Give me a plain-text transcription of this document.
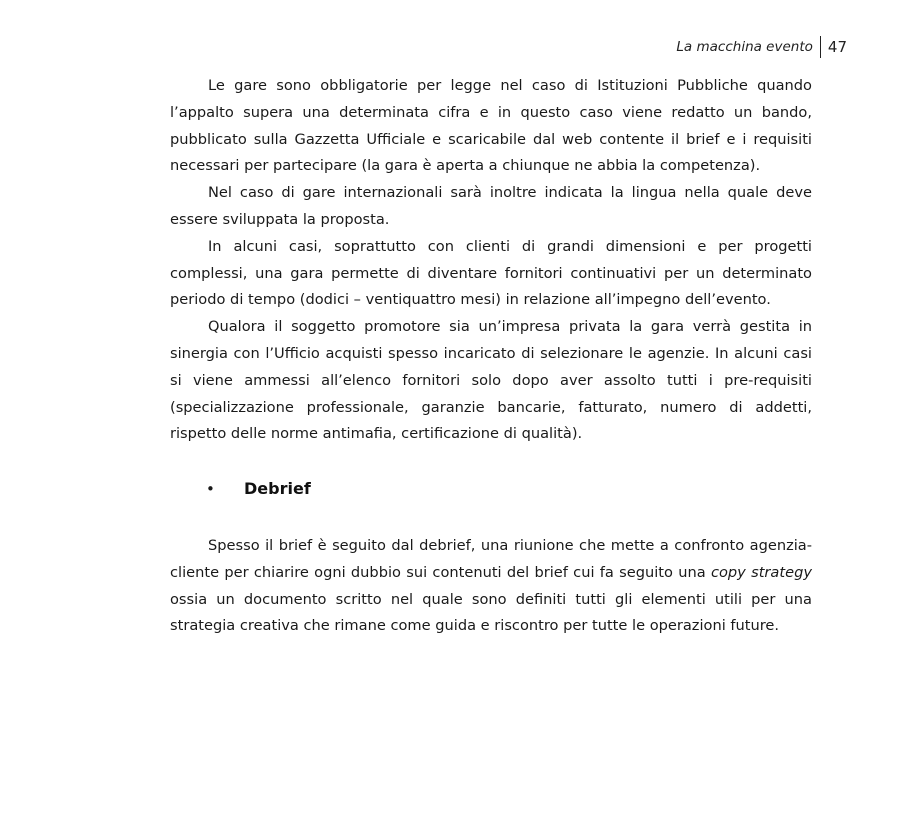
La macchina evento	47

Le gare sono obbligatorie per legge nel caso di Istituzioni Pubbliche quando l’appalto supera una determinata cifra e in questo caso viene redatto un bando, pubblicato sulla Gazzetta Ufficiale e scaricabile dal web contente il brief e i requisiti necessari per partecipare (la gara è aperta a chiunque ne abbia la competenza).

Nel caso di gare internazionali sarà inoltre indicata la lingua nella quale deve essere sviluppata la proposta.

In alcuni casi, soprattutto con clienti di grandi dimensioni e per progetti complessi, una gara permette di diventare fornitori continuativi per un determinato periodo di tempo (dodici – ventiquattro mesi) in relazione all’impegno dell’evento.

Qualora il soggetto promotore sia un’impresa privata la gara verrà gestita in sinergia con l’Ufficio acquisti spesso incaricato di selezionare le agenzie. In alcuni casi si viene ammessi all’elenco fornitori solo dopo aver assolto tutti i pre-requisiti (specializzazione professionale, garanzie bancarie, fatturato, numero di addetti, rispetto delle norme antimafia, certificazione di qualità).

•	Debrief

Spesso il brief è seguito dal debrief, una riunione che mette a confronto agenzia-cliente per chiarire ogni dubbio sui contenuti del brief cui fa seguito una copy strategy ossia un documento scritto nel quale sono definiti tutti gli elementi utili per una strategia creativa che rimane come guida e riscontro per tutte le operazioni future.
